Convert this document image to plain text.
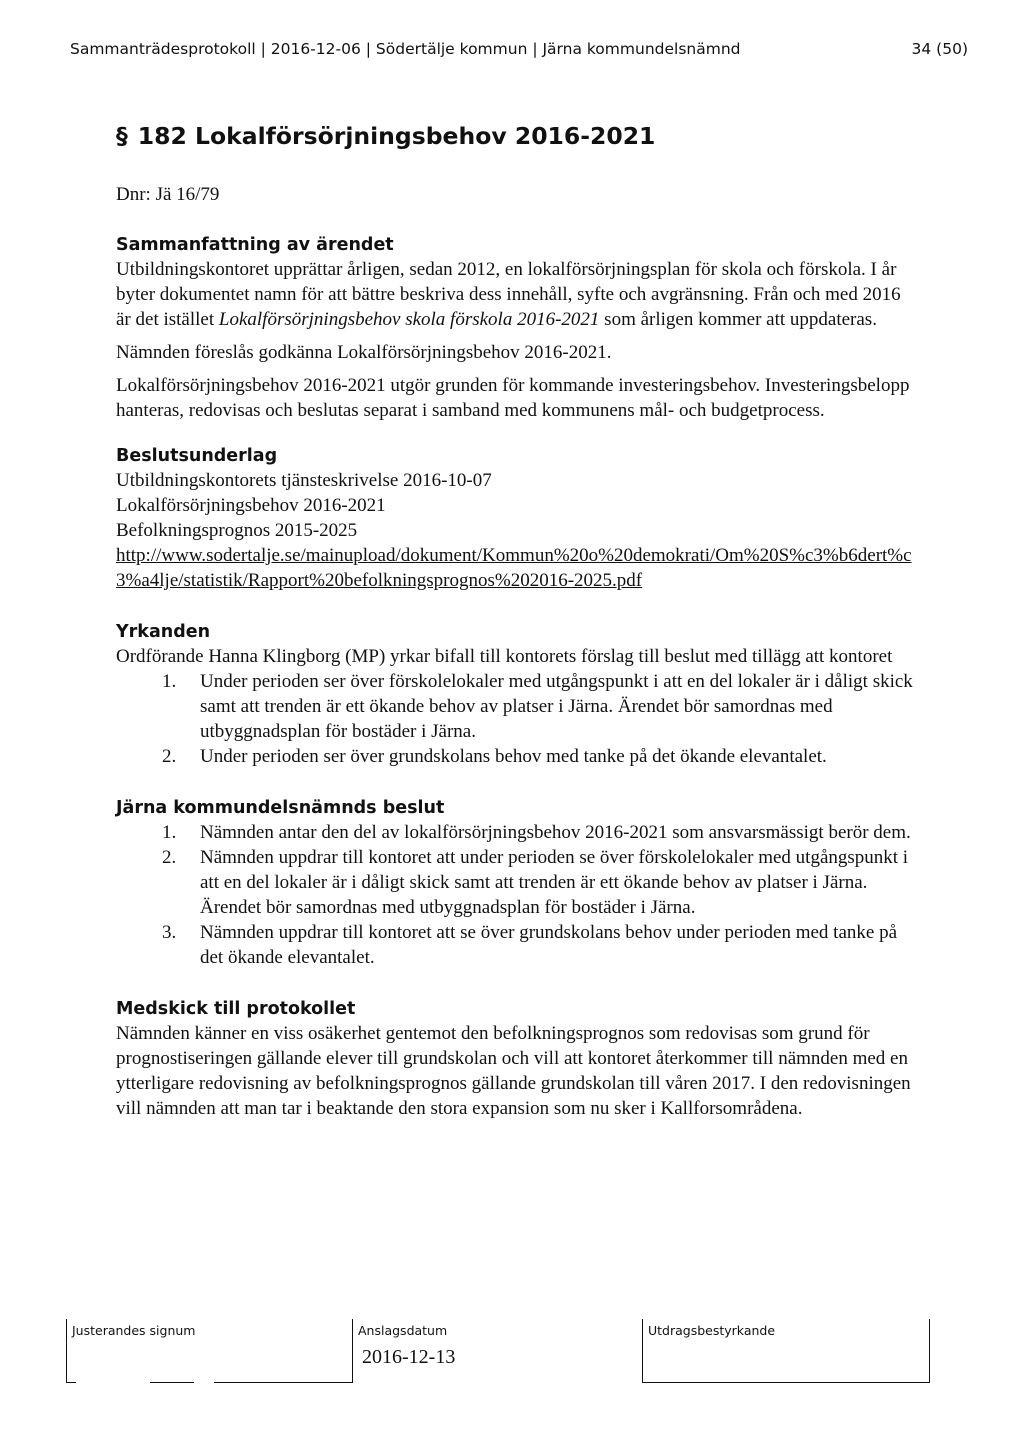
Sammanträdesprotokoll | 2016-12-06 | Södertälje kommun | Järna kommundelsnämnd	34 (50)
§ 182 Lokalförsörjningsbehov 2016-2021
Dnr: Jä 16/79
Sammanfattning av ärendet

Utbildningskontoret upprättar årligen, sedan 2012, en lokalförsörjningsplan för skola och förskola. I år byter dokumentet namn för att bättre beskriva dess innehåll, syfte och avgränsning. Från och med 2016 är det istället Lokalförsörjningsbehov skola förskola 2016-2021 som årligen kommer att uppdateras.

Nämnden föreslås godkänna Lokalförsörjningsbehov 2016-2021.

Lokalförsörjningsbehov 2016-2021 utgör grunden för kommande investeringsbehov. Investeringsbelopp hanteras, redovisas och beslutas separat i samband med kommunens mål- och budgetprocess.

Beslutsunderlag

Utbildningskontorets tjänsteskrivelse 2016-10-07

Lokalförsörjningsbehov 2016-2021

Befolkningsprognos 2015-2025

http://www.sodertalje.se/mainupload/dokument/Kommun%20o%20demokrati/Om%20S%c3%b6dert%c3%a4lje/statistik/Rapport%20befolkningsprognos%202016-2025.pdf

Yrkanden

Ordförande Hanna Klingborg (MP) yrkar bifall till kontorets förslag till beslut med tillägg att kontoret

1. Under perioden ser över förskolelokaler med utgångspunkt i att en del lokaler är i dåligt skick samt att trenden är ett ökande behov av platser i Järna. Ärendet bör samordnas med utbyggnadsplan för bostäder i Järna.
2. Under perioden ser över grundskolans behov med tanke på det ökande elevantalet.
Järna kommundelsnämnds beslut
1. Nämnden antar den del av lokalförsörjningsbehov 2016-2021 som ansvarsmässigt berör dem.
2. Nämnden uppdrar till kontoret att under perioden se över förskolelokaler med utgångspunkt i att en del lokaler är i dåligt skick samt att trenden är ett ökande behov av platser i Järna. Ärendet bör samordnas med utbyggnadsplan för bostäder i Järna.
3. Nämnden uppdrar till kontoret att se över grundskolans behov under perioden med tanke på det ökande elevantalet.
Medskick till protokollet

Nämnden känner en viss osäkerhet gentemot den befolkningsprognos som redovisas som grund för prognostiseringen gällande elever till grundskolan och vill att kontoret återkommer till nämnden med en ytterligare redovisning av befolkningsprognos gällande grundskolan till våren 2017. I den redovisningen vill nämnden att man tar i beaktande den stora expansion som nu sker i Kallforsområdena.

Justerandes signum	Anslagsdatum
2016-12-13
Utdragsbestyrkande
